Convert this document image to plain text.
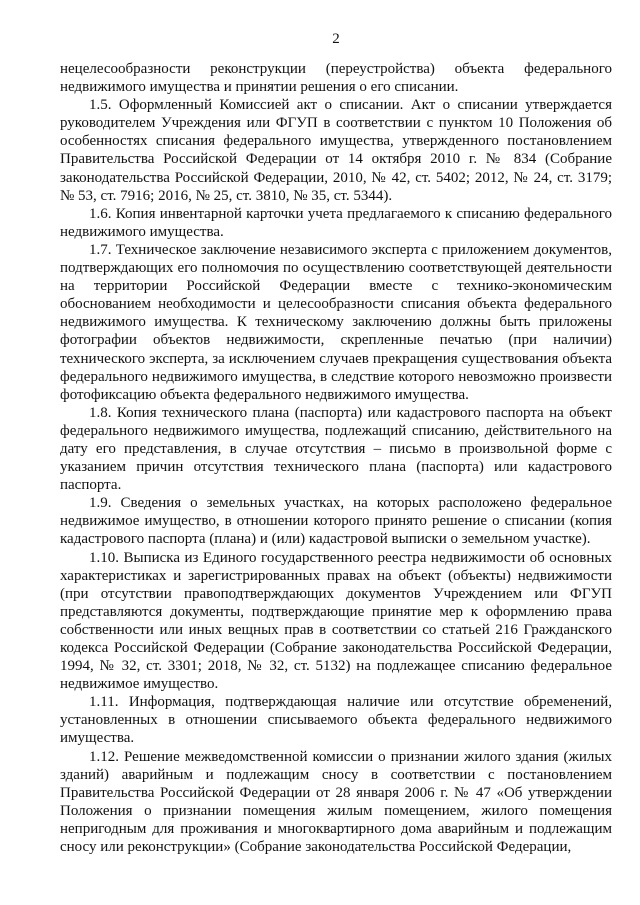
2

нецелесообразности реконструкции (переустройства) объекта федерального недвижимого имущества и принятии решения о его списании.

1.5. Оформленный Комиссией акт о списании. Акт о списании утверждается руководителем Учреждения или ФГУП в соответствии с пунктом 10 Положения об особенностях списания федерального имущества, утвержденного постановлением Правительства Российской Федерации от 14 октября 2010 г. № 834 (Собрание законодательства Российской Федерации, 2010, № 42, ст. 5402; 2012, № 24, ст. 3179; № 53, ст. 7916; 2016, № 25, ст. 3810, № 35, ст. 5344).

1.6. Копия инвентарной карточки учета предлагаемого к списанию федерального недвижимого имущества.

1.7. Техническое заключение независимого эксперта с приложением документов, подтверждающих его полномочия по осуществлению соответствующей деятельности на территории Российской Федерации вместе с технико-экономическим обоснованием необходимости и целесообразности списания объекта федерального недвижимого имущества. К техническому заключению должны быть приложены фотографии объектов недвижимости, скрепленные печатью (при наличии) технического эксперта, за исключением случаев прекращения существования объекта федерального недвижимого имущества, в следствие которого невозможно произвести фотофиксацию объекта федерального недвижимого имущества.

1.8. Копия технического плана (паспорта) или кадастрового паспорта на объект федерального недвижимого имущества, подлежащий списанию, действительного на дату его представления, в случае отсутствия – письмо в произвольной форме с указанием причин отсутствия технического плана (паспорта) или кадастрового паспорта.

1.9. Сведения о земельных участках, на которых расположено федеральное недвижимое имущество, в отношении которого принято решение о списании (копия кадастрового паспорта (плана) и (или) кадастровой выписки о земельном участке).

1.10. Выписка из Единого государственного реестра недвижимости об основных характеристиках и зарегистрированных правах на объект (объекты) недвижимости (при отсутствии правоподтверждающих документов Учреждением или ФГУП представляются документы, подтверждающие принятие мер к оформлению права собственности или иных вещных прав в соответствии со статьей 216 Гражданского кодекса Российской Федерации (Собрание законодательства Российской Федерации, 1994, № 32, ст. 3301; 2018, № 32, ст. 5132) на подлежащее списанию федеральное недвижимое имущество.

1.11. Информация, подтверждающая наличие или отсутствие обременений, установленных в отношении списываемого объекта федерального недвижимого имущества.

1.12. Решение межведомственной комиссии о признании жилого здания (жилых зданий) аварийным и подлежащим сносу в соответствии с постановлением Правительства Российской Федерации от 28 января 2006 г. № 47 «Об утверждении Положения о признании помещения жилым помещением, жилого помещения непригодным для проживания и многоквартирного дома аварийным и подлежащим сносу или реконструкции» (Собрание законодательства Российской Федерации,
